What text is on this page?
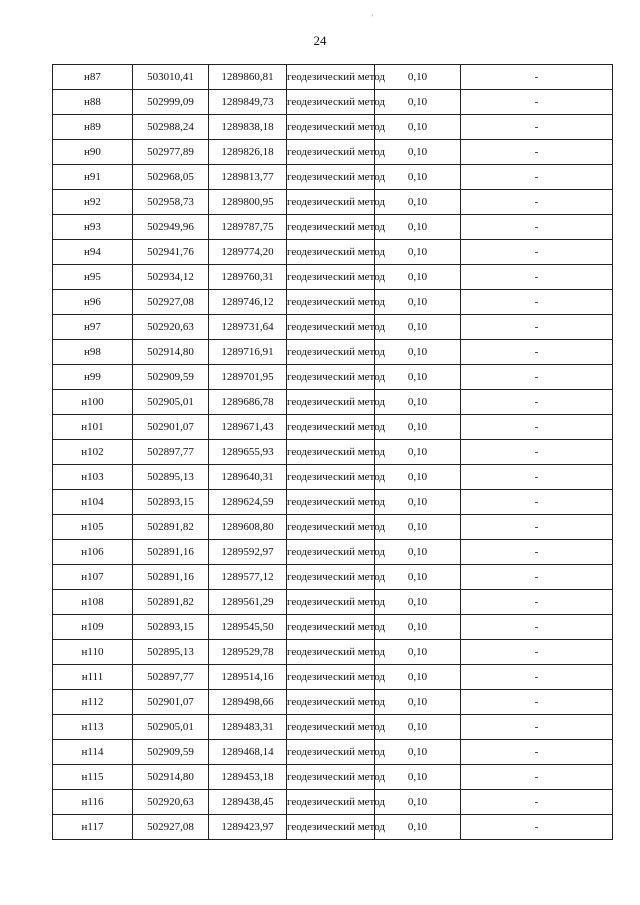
ʿ
24
н87	503010,41	1289860,81	геодезический метод	0,10	-
н88	502999,09	1289849,73	геодезический метод	0,10	-
н89	502988,24	1289838,18	геодезический метод	0,10	-
н90	502977,89	1289826,18	геодезический метод	0,10	-
н91	502968,05	1289813,77	геодезический метод	0,10	-
н92	502958,73	1289800,95	геодезический метод	0,10	-
н93	502949,96	1289787,75	геодезический метод	0,10	-
н94	502941,76	1289774,20	геодезический метод	0,10	-
н95	502934,12	1289760,31	геодезический метод	0,10	-
н96	502927,08	1289746,12	геодезический метод	0,10	-
н97	502920,63	1289731,64	геодезический метод	0,10	-
н98	502914,80	1289716,91	геодезический метод	0,10	-
н99	502909,59	1289701,95	геодезический метод	0,10	-
н100	502905,01	1289686,78	геодезический метод	0,10	-
н101	502901,07	1289671,43	геодезический метод	0,10	-
н102	502897,77	1289655,93	геодезический метод	0,10	-
н103	502895,13	1289640,31	геодезический метод	0,10	-
н104	502893,15	1289624,59	геодезический метод	0,10	-
н105	502891,82	1289608,80	геодезический метод	0,10	-
н106	502891,16	1289592,97	геодезический метод	0,10	-
н107	502891,16	1289577,12	геодезический метод	0,10	-
н108	502891,82	1289561,29	геодезический метод	0,10	-
н109	502893,15	1289545,50	геодезический метод	0,10	-
н110	502895,13	1289529,78	геодезический метод	0,10	-
н111	502897,77	1289514,16	геодезический метод	0,10	-
н112	502901,07	1289498,66	геодезический метод	0,10	-
н113	502905,01	1289483,31	геодезический метод	0,10	-
н114	502909,59	1289468,14	геодезический метод	0,10	-
н115	502914,80	1289453,18	геодезический метод	0,10	-
н116	502920,63	1289438,45	геодезический метод	0,10	-
н117	502927,08	1289423,97	геодезический метод	0,10	-
